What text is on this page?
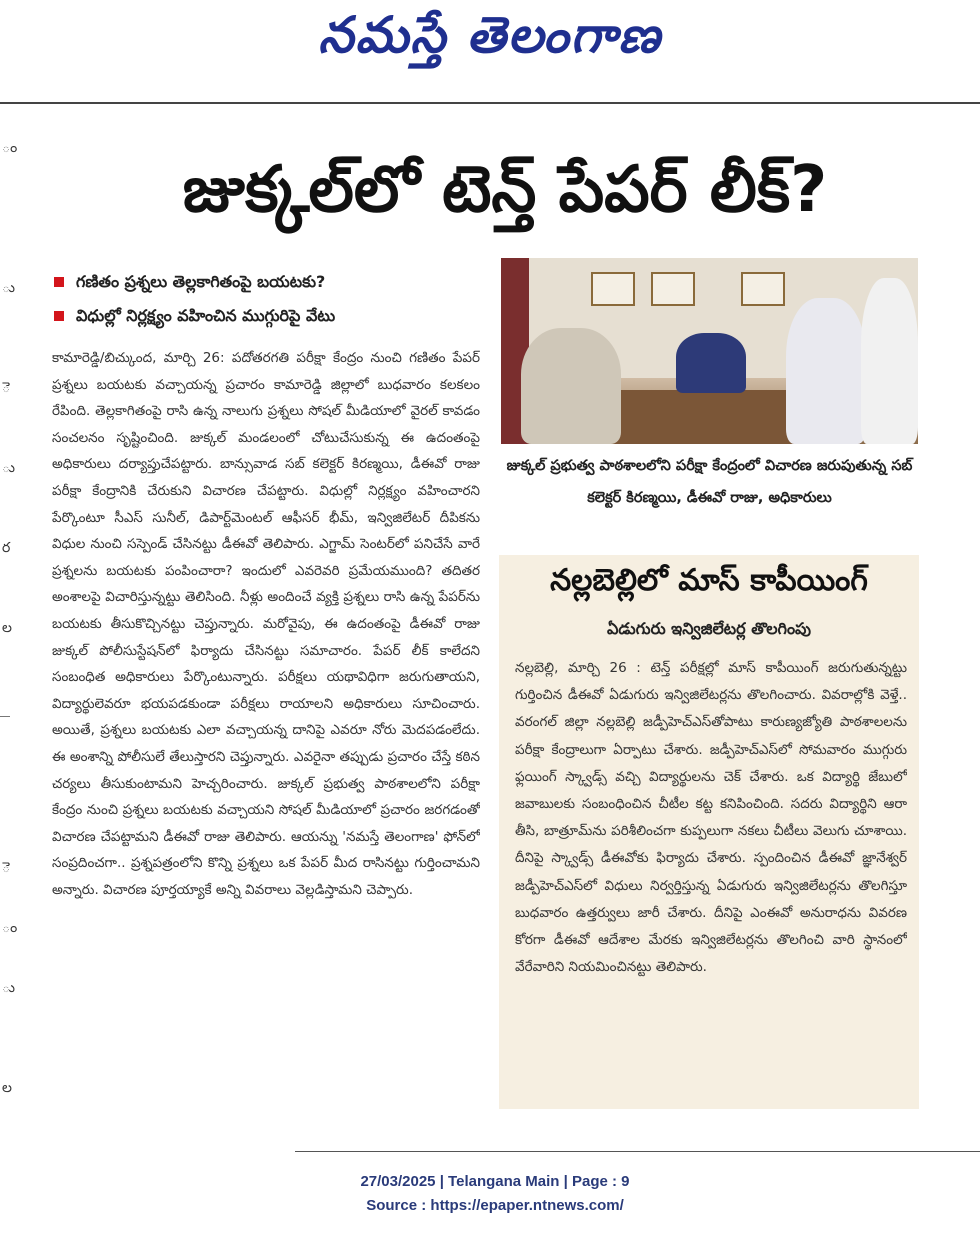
నమస్తే తెలంగాణ
ం
ు
ె
ు
ర
ల
ె
ం
ు
ల
జుక్కల్‌లో టెన్త్ పేపర్ లీక్?
గణితం ప్రశ్నలు తెల్లకాగితంపై బయటకు?
విధుల్లో నిర్లక్ష్యం వహించిన ముగ్గురిపై వేటు
కామారెడ్డి/బిచ్కుంద, మార్చి 26: పదోతరగతి పరీక్షా కేంద్రం నుంచి గణితం పేపర్ ప్రశ్నలు బయటకు వచ్చాయన్న ప్రచారం కామారెడ్డి జిల్లాలో బుధవారం కలకలం రేపింది. తెల్లకాగితంపై రాసి ఉన్న నాలుగు ప్రశ్నలు సోషల్ మీడియాలో వైరల్ కావడం సంచలనం సృష్టించింది. జుక్కల్ మండలంలో చోటుచేసుకున్న ఈ ఉదంతంపై అధికారులు దర్యాప్తుచేపట్టారు. బాన్సువాడ సబ్ కలెక్టర్ కిరణ్మయి, డీఈవో రాజు పరీక్షా కేంద్రానికి చేరుకుని విచారణ చేపట్టారు. విధుల్లో నిర్లక్ష్యం వహించారని పేర్కొంటూ సీఎస్ సునీల్, డిపార్ట్‌మెంటల్ ఆఫీసర్ భీమ్, ఇన్విజిలేటర్ దీపికను విధుల నుంచి సస్పెండ్ చేసినట్టు డీఈవో తెలిపారు. ఎగ్జామ్ సెంటర్‌లో పనిచేసే వారే ప్రశ్నలను బయటకు పంపించారా? ఇందులో ఎవరెవరి ప్రమేయముంది? తదితర అంశాలపై విచారిస్తున్నట్టు తెలిసింది. నీళ్లు అందించే వ్యక్తి ప్రశ్నలు రాసి ఉన్న పేపర్‌ను బయటకు తీసుకొచ్చినట్టు చెప్తున్నారు. మరోవైపు, ఈ ఉదంతంపై డీఈవో రాజు జుక్కల్ పోలీసుస్టేషన్‌లో ఫిర్యాదు చేసినట్టు సమాచారం. పేపర్ లీక్ కాలేదని సంబంధిత అధికారులు పేర్కొంటున్నారు. పరీక్షలు యథావిధిగా జరుగుతాయని, విద్యార్థులెవరూ భయపడకుండా పరీక్షలు రాయాలని అధికారులు సూచించారు. అయితే, ప్రశ్నలు బయటకు ఎలా వచ్చాయన్న దానిపై ఎవరూ నోరు మెదపడంలేదు. ఈ అంశాన్ని పోలీసులే తేలుస్తారని చెప్తున్నారు. ఎవరైనా తప్పుడు ప్రచారం చేస్తే కఠిన చర్యలు తీసుకుంటామని హెచ్చరించారు. జుక్కల్ ప్రభుత్వ పాఠశాలలోని పరీక్షా కేంద్రం నుంచి ప్రశ్నలు బయటకు వచ్చాయని సోషల్ మీడియాలో ప్రచారం జరగడంతో విచారణ చేపట్టామని డీఈవో రాజు తెలిపారు. ఆయన్ను 'నమస్తే తెలంగాణ' ఫోన్‌లో సంప్రదించగా.. ప్రశ్నపత్రంలోని కొన్ని ప్రశ్నలు ఒక పేపర్ మీద రాసినట్టు గుర్తించామని అన్నారు. విచారణ పూర్తయ్యాకే అన్ని వివరాలు వెల్లడిస్తామని చెప్పారు.
జుక్కల్ ప్రభుత్వ పాఠశాలలోని పరీక్షా కేంద్రంలో విచారణ జరుపుతున్న సబ్ కలెక్టర్ కిరణ్మయి, డీఈవో రాజు, అధికారులు
నల్లబెల్లిలో మాస్ కాపీయింగ్
ఏడుగురు ఇన్విజిలేటర్ల తొలగింపు
నల్లబెల్లి, మార్చి 26 : టెన్త్ పరీక్షల్లో మాస్ కాపీయింగ్ జరుగుతున్నట్టు గుర్తించిన డీఈవో ఏడుగురు ఇన్విజిలేటర్లను తొలగించారు. వివరాల్లోకి వెళ్తే.. వరంగల్ జిల్లా నల్లబెల్లి జడ్పీహెచ్‌ఎస్‌తోపాటు కారుణ్యజ్యోతి పాఠశాలలను పరీక్షా కేంద్రాలుగా ఏర్పాటు చేశారు. జడ్పీహెచ్‌ఎస్‌లో సోమవారం ముగ్గురు ఫ్లయింగ్ స్క్వాడ్స్ వచ్చి విద్యార్థులను చెక్ చేశారు. ఒక విద్యార్థి జేబులో జవాబులకు సంబంధించిన చీటీల కట్ట కనిపించింది. సదరు విద్యార్థిని ఆరా తీసి, బాత్రూమ్‌ను పరిశీలించగా కుప్పలుగా నకలు చీటీలు వెలుగు చూశాయి. దీనిపై స్క్వాడ్స్ డీఈవోకు ఫిర్యాదు చేశారు. స్పందించిన డీఈవో జ్ఞానేశ్వర్ జడ్పీహెచ్‌ఎస్‌లో విధులు నిర్వర్తిస్తున్న ఏడుగురు ఇన్విజిలేటర్లను తొలగిస్తూ బుధవారం ఉత్తర్వులు జారీ చేశారు. దీనిపై ఎంఈవో అనురాధను వివరణ కోరగా డీఈవో ఆదేశాల మేరకు ఇన్విజిలేటర్లను తొలగించి వారి స్థానంలో వేరేవారిని నియమించినట్టు తెలిపారు.
27/03/2025 | Telangana Main | Page : 9
Source : https://epaper.ntnews.com/
